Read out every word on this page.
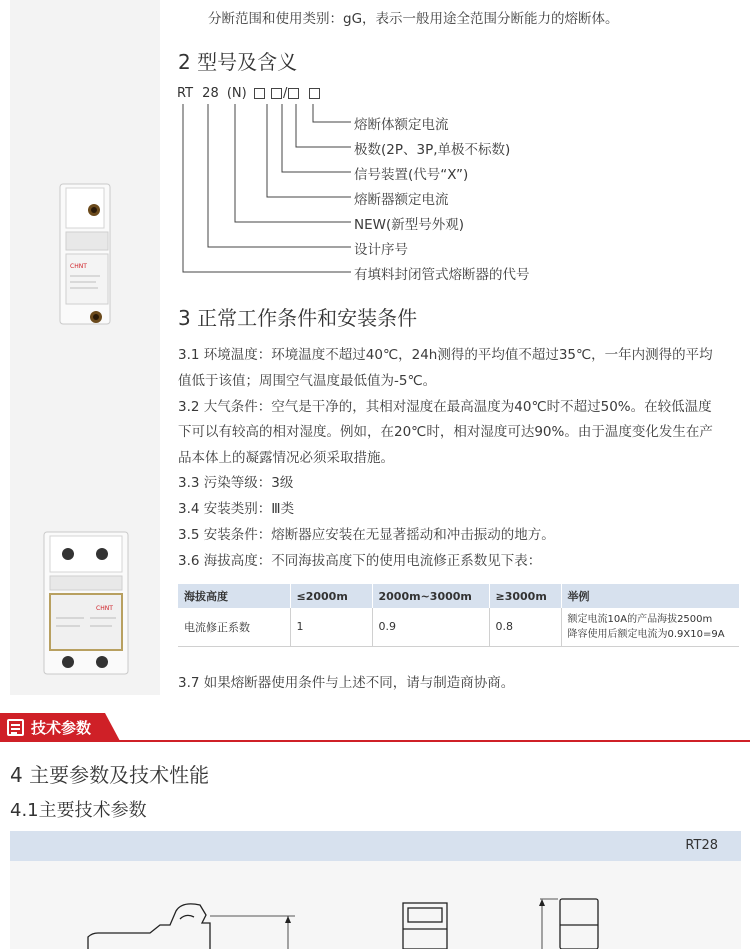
CHNT
CHNT
分断范围和使用类别：gG，表示一般用途全范围分断能力的熔断体。
2 型号及含义
RT 28 (N)	/
熔断体额定电流
极数(2P、3P,单极不标数)
信号装置(代号“X”)
熔断器额定电流
NEW(新型号外观)
设计序号
有填料封闭管式熔断器的代号
3 正常工作条件和安装条件
3.1 环境温度：环境温度不超过40℃，24h测得的平均值不超过35℃，一年内测得的平均
值低于该值；周围空气温度最低值为-5℃。
3.2 大气条件：空气是干净的，其相对湿度在最高温度为40℃时不超过50%。在较低温度
下可以有较高的相对湿度。例如，在20℃时，相对湿度可达90%。由于温度变化发生在产
品本体上的凝露情况必须采取措施。
3.3 污染等级：3级
3.4 安装类别：Ⅲ类
3.5 安装条件：熔断器应安装在无显著摇动和冲击振动的地方。
3.6 海拔高度：不同海拔高度下的使用电流修正系数见下表：
海拔高度	≤2000m	2000m~3000m	≥3000m	举例
电流修正系数	1	0.9	0.8	额定电流10A的产品海拔2500m
降容使用后额定电流为0.9X10=9A
3.7 如果熔断器使用条件与上述不同，请与制造商协商。
技术参数
4 主要参数及技术性能
4.1主要技术参数
RT28
